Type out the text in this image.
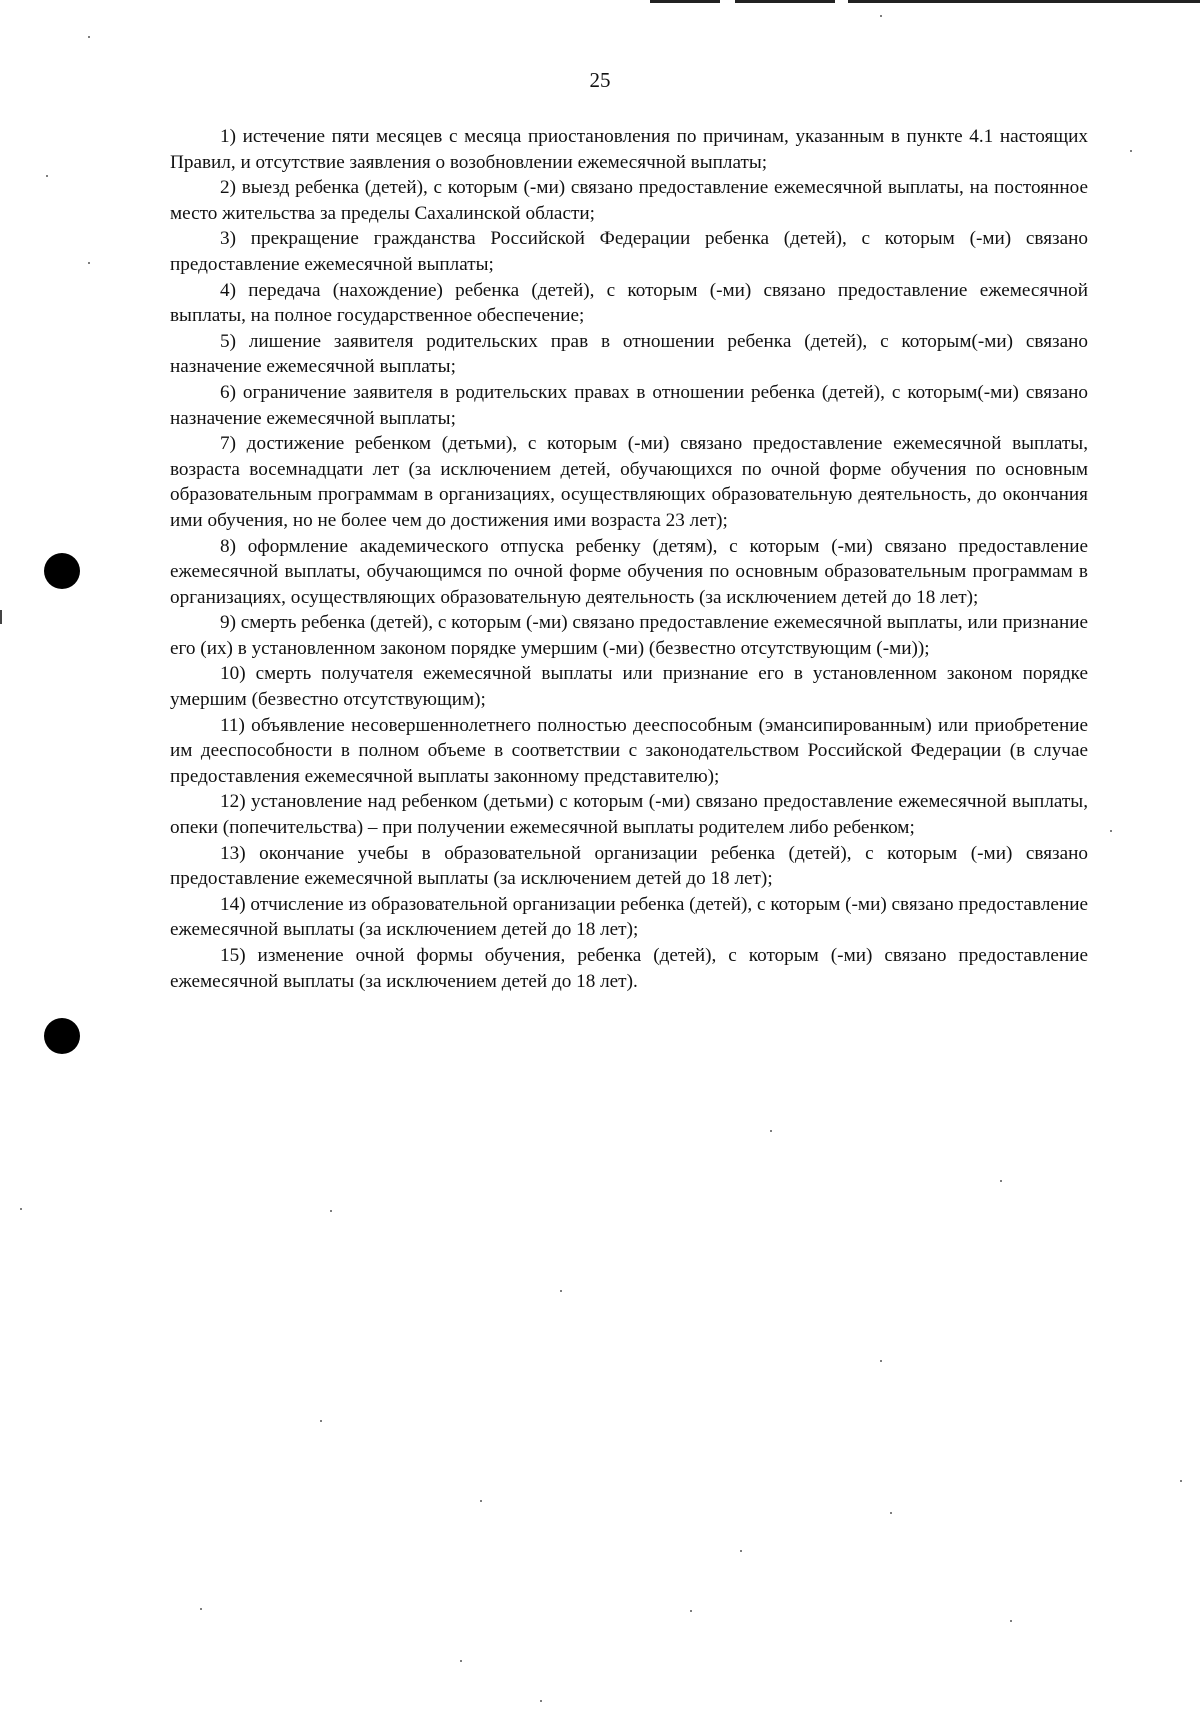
25

1) истечение пяти месяцев с месяца приостановления по причинам, указанным в пункте 4.1 настоящих Правил, и отсутствие заявления о возобновлении ежемесячной выплаты;

2) выезд ребенка (детей), с которым (-ми) связано предоставление ежемесячной выплаты, на постоянное место жительства за пределы Сахалинской области;

3) прекращение гражданства Российской Федерации ребенка (детей), с которым (-ми) связано предоставление ежемесячной выплаты;

4) передача (нахождение) ребенка (детей), с которым (-ми) связано предоставление ежемесячной выплаты, на полное государственное обеспечение;

5) лишение заявителя родительских прав в отношении ребенка (детей), с которым(-ми) связано назначение ежемесячной выплаты;

6) ограничение заявителя в родительских правах в отношении ребенка (детей), с которым(-ми) связано назначение ежемесячной выплаты;

7) достижение ребенком (детьми), с которым (-ми) связано предоставление ежемесячной выплаты, возраста восемнадцати лет (за исключением детей, обучающихся по очной форме обучения по основным образовательным программам в организациях, осуществляющих образовательную деятельность, до окончания ими обучения, но не более чем до достижения ими возраста 23 лет);

8) оформление академического отпуска ребенку (детям), с которым (-ми) связано предоставление ежемесячной выплаты, обучающимся по очной форме обучения по основным образовательным программам в организациях, осуществляющих образовательную деятельность (за исключением детей до 18 лет);

9) смерть ребенка (детей), с которым (-ми) связано предоставление ежемесячной выплаты, или признание его (их) в установленном законом порядке умершим (-ми) (безвестно отсутствующим (-ми));

10) смерть получателя ежемесячной выплаты или признание его в установленном законом порядке умершим (безвестно отсутствующим);

11) объявление несовершеннолетнего полностью дееспособным (эмансипированным) или приобретение им дееспособности в полном объеме в соответствии с законодательством Российской Федерации (в случае предоставления ежемесячной выплаты законному представителю);

12) установление над ребенком (детьми) с которым (-ми) связано предоставление ежемесячной выплаты, опеки (попечительства) – при получении ежемесячной выплаты родителем либо ребенком;

13) окончание учебы в образовательной организации ребенка (детей), с которым (-ми) связано предоставление ежемесячной выплаты (за исключением детей до 18 лет);

14) отчисление из образовательной организации ребенка (детей), с которым (-ми) связано предоставление ежемесячной выплаты (за исключением детей до 18 лет);

15) изменение очной формы обучения, ребенка (детей), с которым (-ми) связано предоставление ежемесячной выплаты (за исключением детей до 18 лет).
